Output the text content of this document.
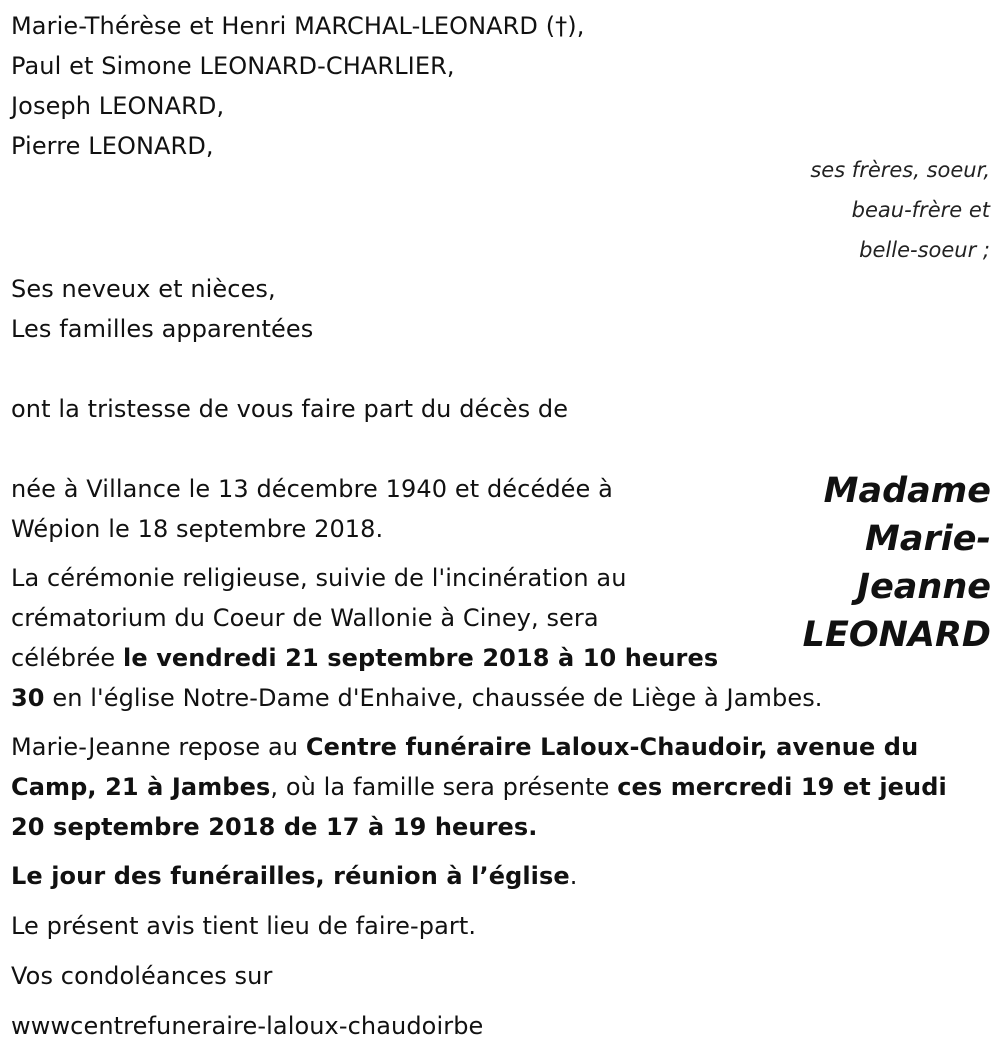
Marie-Thérèse et Henri MARCHAL-LEONARD (†),
Paul et Simone LEONARD-CHARLIER,
Joseph LEONARD,
Pierre LEONARD,
ses frères, soeur,
beau-frère et
belle-soeur ;
Ses neveux et nièces,
Les familles apparentées
ont la tristesse de vous faire part du décès de
Madame
Marie-
Jeanne
LEONARD
née à Villance le 13 décembre 1940 et décédée à
Wépion le 18 septembre 2018.
La cérémonie religieuse, suivie de l'incinération au
crématorium du Coeur de Wallonie à Ciney, sera
célébrée le vendredi 21 septembre 2018 à 10 heures
30 en l'église Notre-Dame d'Enhaive, chaussée de Liège à Jambes.
Marie-Jeanne repose au Centre funéraire Laloux-Chaudoir, avenue du
Camp, 21 à Jambes, où la famille sera présente ces mercredi 19 et jeudi
20 septembre 2018 de 17 à 19 heures.
Le jour des funérailles, réunion à l’église.
Le présent avis tient lieu de faire-part.
Vos condoléances sur
wwwcentrefuneraire-laloux-chaudoirbe
